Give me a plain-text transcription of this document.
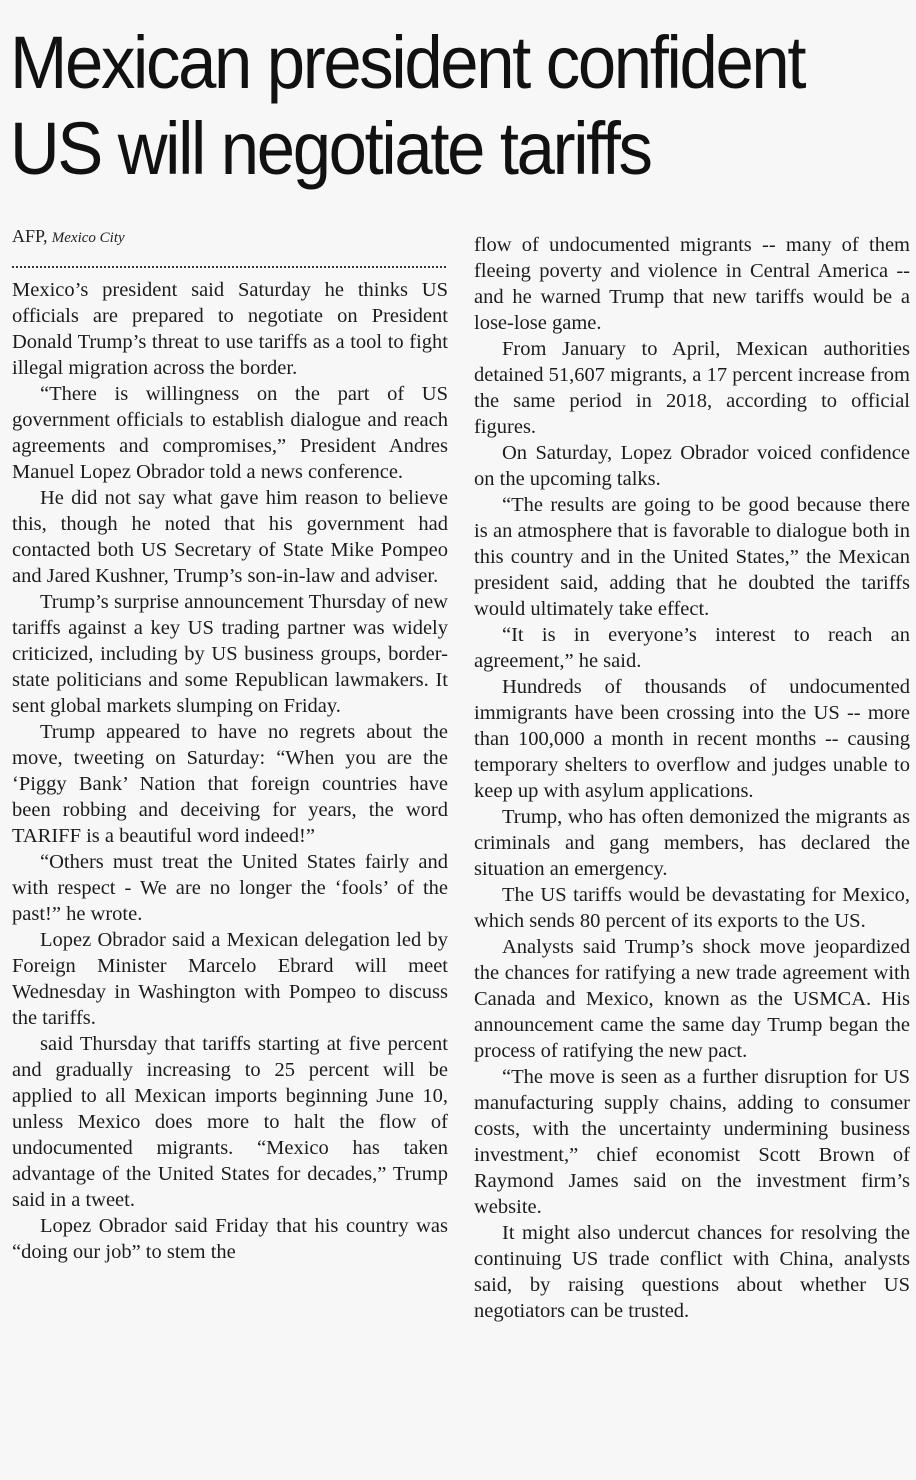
Mexican president confident
US will negotiate tariffs
AFP, Mexico City

Mexico’s president said Saturday he thinks US officials are prepared to negotiate on President Donald Trump’s threat to use tariffs as a tool to fight illegal migration across the border.

“There is willingness on the part of US government officials to establish dialogue and reach agreements and compromises,” President Andres Manuel Lopez Obrador told a news conference.

He did not say what gave him reason to believe this, though he noted that his government had contacted both US Secretary of State Mike Pompeo and Jared Kushner, Trump’s son-in-law and adviser.

Trump’s surprise announcement Thursday of new tariffs against a key US trading partner was widely criticized, including by US business groups, border-state politicians and some Republican lawmakers. It sent global markets slumping on Friday.

Trump appeared to have no regrets about the move, tweeting on Saturday: “When you are the ‘Piggy Bank’ Nation that foreign countries have been robbing and deceiving for years, the word TARIFF is a beautiful word indeed!”

“Others must treat the United States fairly and with respect - We are no longer the ‘fools’ of the past!” he wrote.

Lopez Obrador said a Mexican delegation led by Foreign Minister Marcelo Ebrard will meet Wednesday in Washington with Pompeo to discuss the tariffs.

said Thursday that tariffs starting at five percent and gradually increasing to 25 percent will be applied to all Mexican imports beginning June 10, unless Mexico does more to halt the flow of undocumented migrants. “Mexico has taken advantage of the United States for decades,” Trump said in a tweet.

Lopez Obrador said Friday that his country was “doing our job” to stem the

flow of undocumented migrants -- many of them fleeing poverty and violence in Central America -- and he warned Trump that new tariffs would be a lose-lose game.

From January to April, Mexican authorities detained 51,607 migrants, a 17 percent increase from the same period in 2018, according to official figures.

On Saturday, Lopez Obrador voiced confidence on the upcoming talks.

“The results are going to be good because there is an atmosphere that is favorable to dialogue both in this country and in the United States,” the Mexican president said, adding that he doubted the tariffs would ultimately take effect.

“It is in everyone’s interest to reach an agreement,” he said.

Hundreds of thousands of undocumented immigrants have been crossing into the US -- more than 100,000 a month in recent months -- causing temporary shelters to overflow and judges unable to keep up with asylum applications.

Trump, who has often demonized the migrants as criminals and gang members, has declared the situation an emergency.

The US tariffs would be devastating for Mexico, which sends 80 percent of its exports to the US.

Analysts said Trump’s shock move jeopardized the chances for ratifying a new trade agreement with Canada and Mexico, known as the USMCA. His announcement came the same day Trump began the process of ratifying the new pact.

“The move is seen as a further disruption for US manufacturing supply chains, adding to consumer costs, with the uncertainty undermining business investment,” chief economist Scott Brown of Raymond James said on the investment firm’s website.

It might also undercut chances for resolving the continuing US trade conflict with China, analysts said, by raising questions about whether US negotiators can be trusted.
